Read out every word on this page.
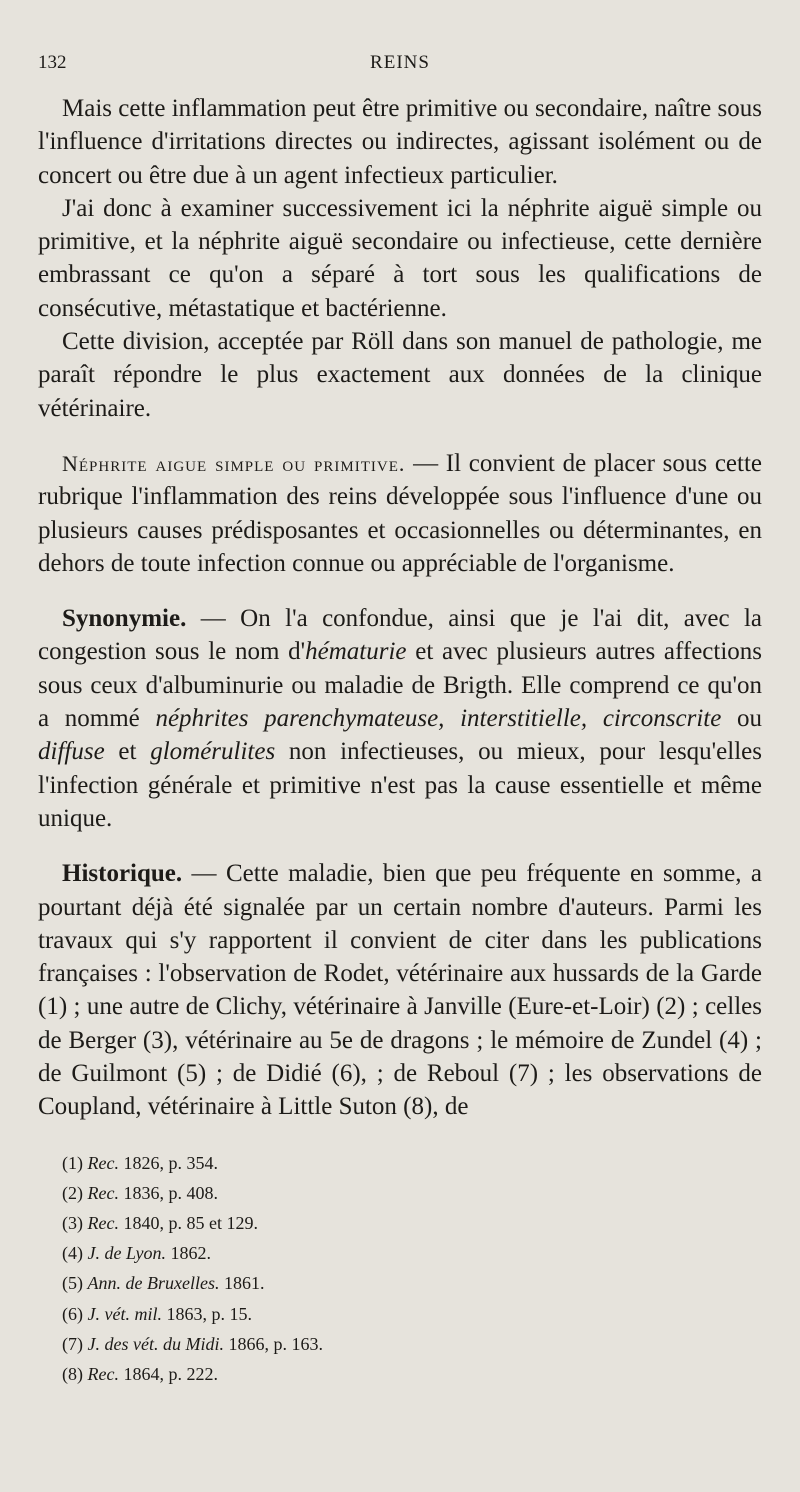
132	REINS

Mais cette inflammation peut être primitive ou secondaire, naître sous l'influence d'irritations directes ou indirectes, agissant isolément ou de concert ou être due à un agent infectieux particulier.

J'ai donc à examiner successivement ici la néphrite aiguë simple ou primitive, et la néphrite aiguë secondaire ou infectieuse, cette dernière embrassant ce qu'on a séparé à tort sous les qualifications de consécutive, métastatique et bactérienne.

Cette division, acceptée par Röll dans son manuel de pathologie, me paraît répondre le plus exactement aux données de la clinique vétérinaire.

Néphrite aigue simple ou primitive. — Il convient de placer sous cette rubrique l'inflammation des reins développée sous l'influence d'une ou plusieurs causes prédisposantes et occasionnelles ou déterminantes, en dehors de toute infection connue ou appréciable de l'organisme.

Synonymie. — On l'a confondue, ainsi que je l'ai dit, avec la congestion sous le nom d'hématurie et avec plusieurs autres affections sous ceux d'albuminurie ou maladie de Brigth. Elle comprend ce qu'on a nommé néphrites parenchymateuse, interstitielle, circonscrite ou diffuse et glomérulites non infectieuses, ou mieux, pour lesqu'elles l'infection générale et primitive n'est pas la cause essentielle et même unique.

Historique. — Cette maladie, bien que peu fréquente en somme, a pourtant déjà été signalée par un certain nombre d'auteurs. Parmi les travaux qui s'y rapportent il convient de citer dans les publications françaises : l'observation de Rodet, vétérinaire aux hussards de la Garde (1) ; une autre de Clichy, vétérinaire à Janville (Eure-et-Loir) (2) ; celles de Berger (3), vétérinaire au 5e de dragons ; le mémoire de Zundel (4) ; de Guilmont (5) ; de Didié (6), ; de Reboul (7) ; les observations de Coupland, vétérinaire à Little Suton (8), de

(1) Rec. 1826, p. 354.
(2) Rec. 1836, p. 408.
(3) Rec. 1840, p. 85 et 129.
(4) J. de Lyon. 1862.
(5) Ann. de Bruxelles. 1861.
(6) J. vét. mil. 1863, p. 15.
(7) J. des vét. du Midi. 1866, p. 163.
(8) Rec. 1864, p. 222.
